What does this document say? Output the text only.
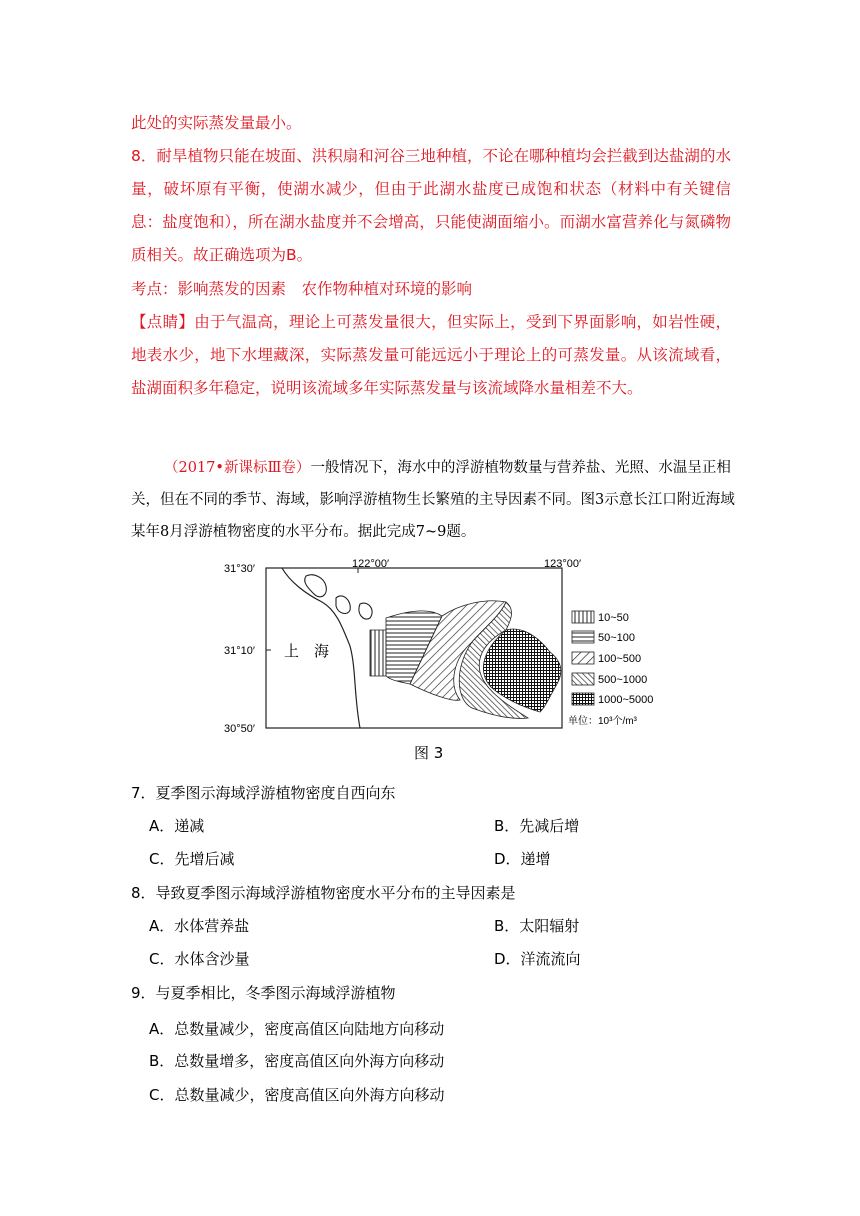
此处的实际蒸发量最小。

8．耐旱植物只能在坡面、洪积扇和河谷三地种植，不论在哪种植均会拦截到达盐湖的水量，破坏原有平衡，使湖水减少，但由于此湖水盐度已成饱和状态（材料中有关键信息：盐度饱和），所在湖水盐度并不会增高，只能使湖面缩小。而湖水富营养化与氮磷物质相关。故正确选项为B。

考点：影响蒸发的因素　农作物种植对环境的影响

【点睛】由于气温高，理论上可蒸发量很大，但实际上，受到下界面影响，如岩性硬，地表水少，地下水埋藏深，实际蒸发量可能远远小于理论上的可蒸发量。从该流域看，盐湖面积多年稳定，说明该流域多年实际蒸发量与该流域降水量相差不大。

（2017•新课标Ⅲ卷）一般情况下，海水中的浮游植物数量与营养盐、光照、水温呈正相关，但在不同的季节、海域，影响浮游植物生长繁殖的主导因素不同。图3示意长江口附近海域某年8月浮游植物密度的水平分布。据此完成7~9题。

122°00′	123°00′
31°30′
31°10′
30°50′
上　海
10~50
50~100
100~500
500~1000
1000~5000
单位：10³个/m³
图 3
7．夏季图示海域浮游植物密度自西向东
A．递减	B．先减后增
C．先增后减	D．递增
8．导致夏季图示海域浮游植物密度水平分布的主导因素是
A．水体营养盐	B．太阳辐射
C．水体含沙量	D．洋流流向
9．与夏季相比，冬季图示海域浮游植物
A．总数量减少，密度高值区向陆地方向移动
B．总数量增多，密度高值区向外海方向移动
C．总数量减少，密度高值区向外海方向移动
